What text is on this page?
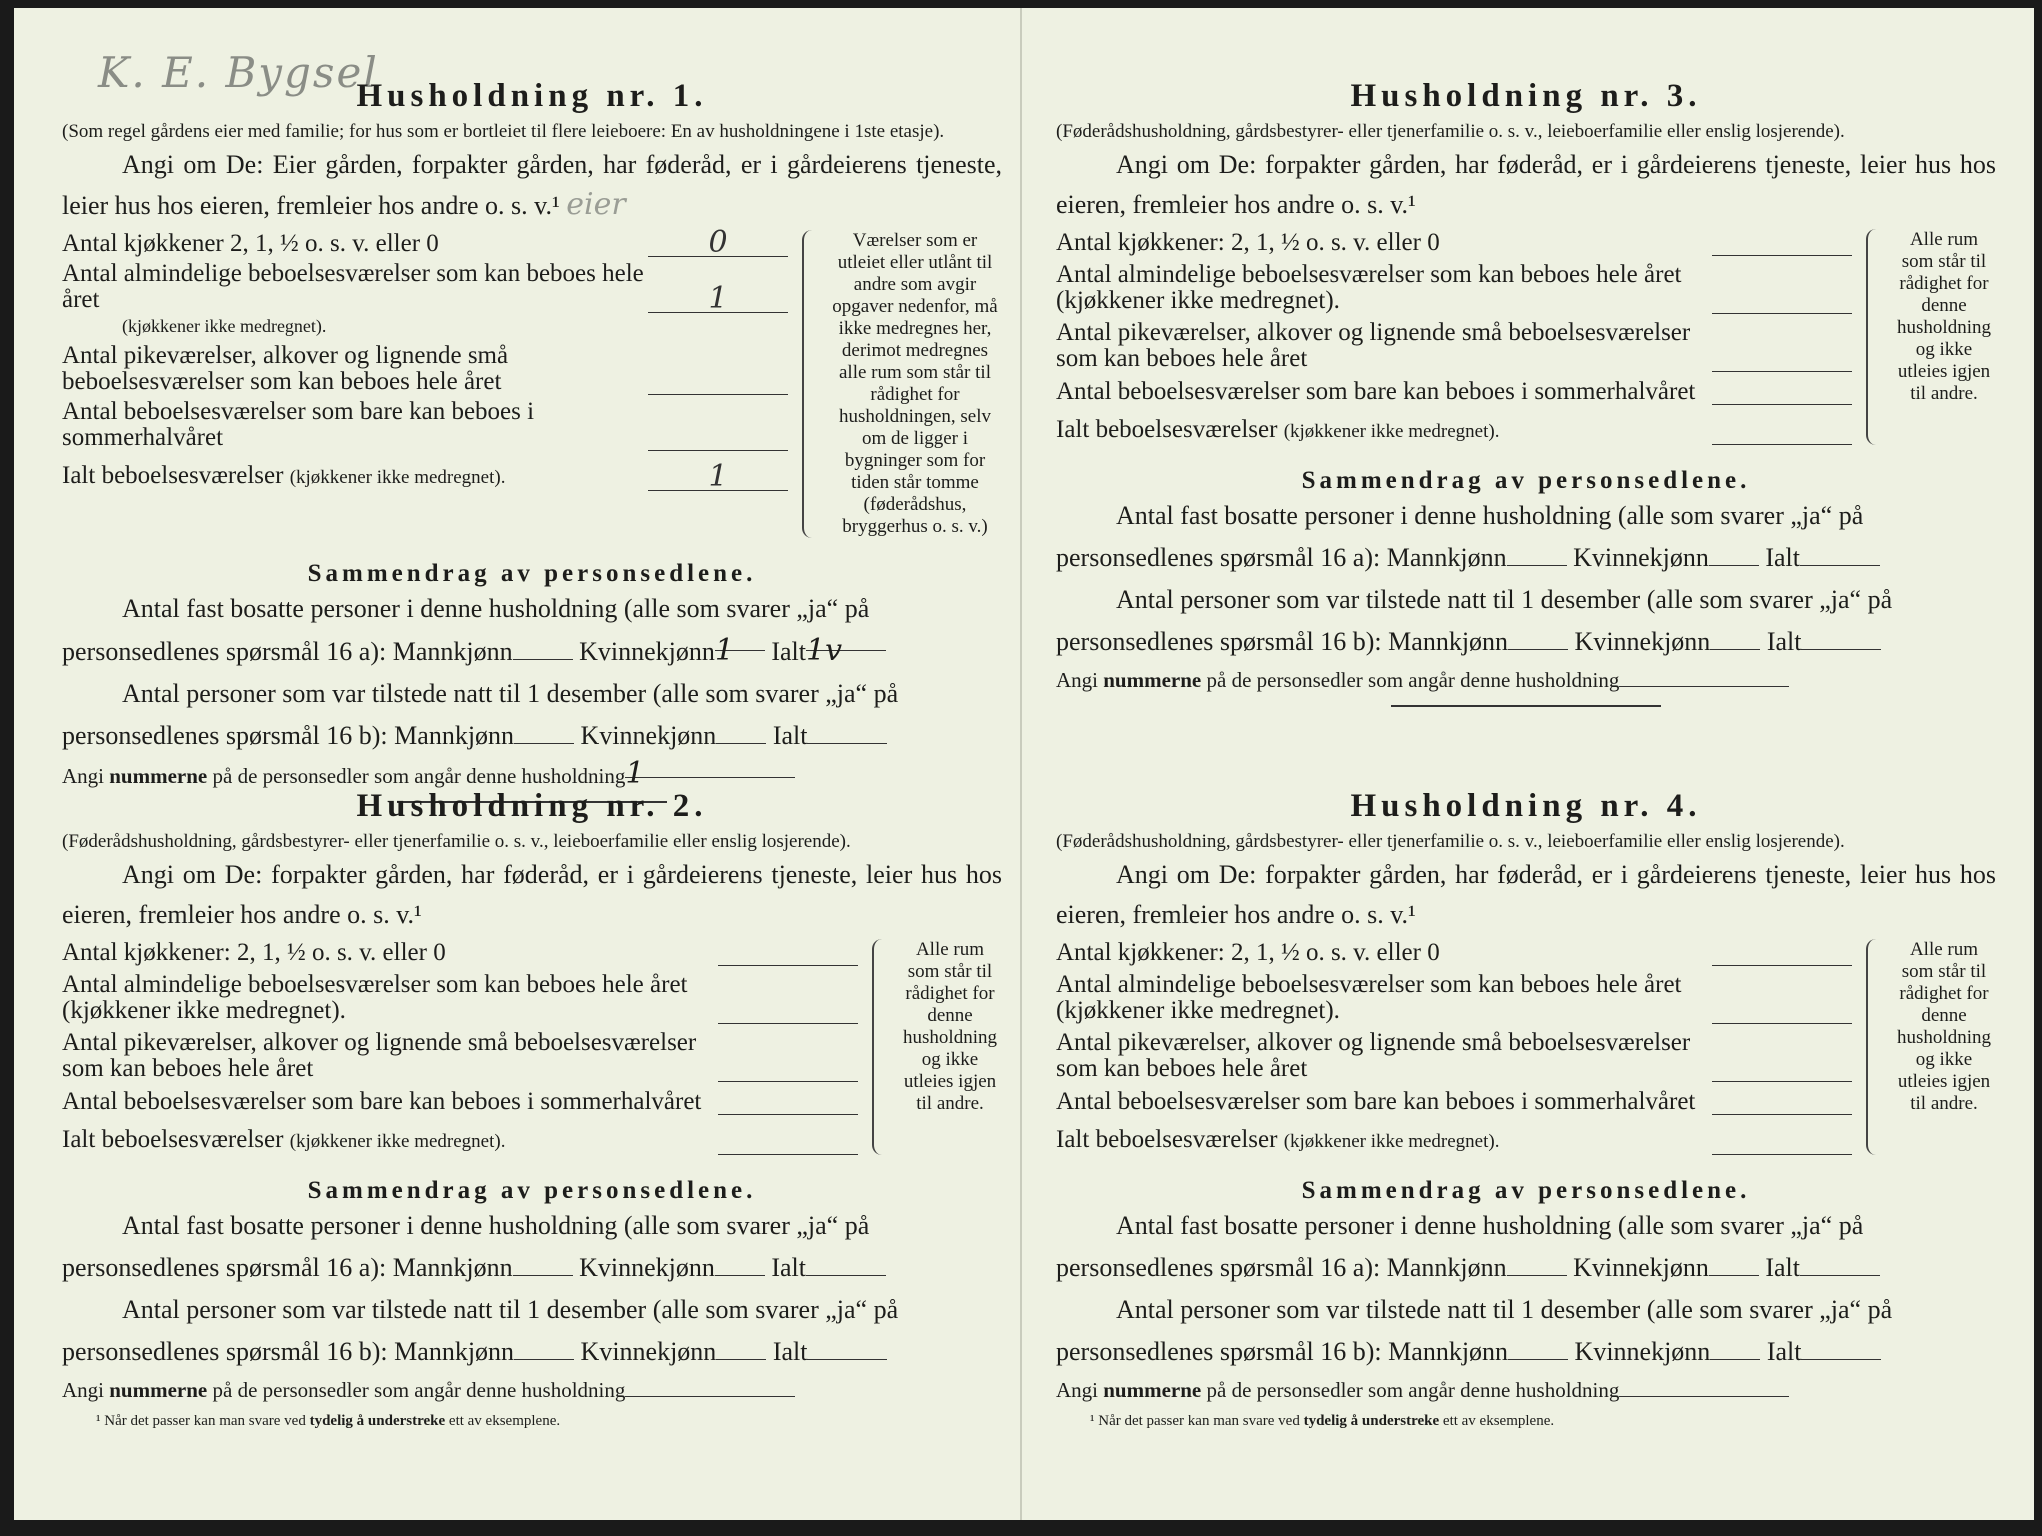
K. E. Bygsel
Husholdning nr. 1.
(Som regel gårdens eier med familie; for hus som er bortleiet til flere leieboere: En av husholdningene i 1ste etasje).
Angi om De: Eier gården, forpakter gården, har føderåd, er i gårdeierens tjeneste, leier hus hos eieren, fremleier hos andre o. s. v.¹ eier
Antal kjøkkener 2, 1, ½ o. s. v. eller 0	0
Antal almindelige beboelsesværelser som kan beboes hele året	1
(kjøkkener ikke medregnet).
Antal pikeværelser, alkover og lignende små beboelsesværelser som kan beboes hele året
Antal beboelsesværelser som bare kan beboes i sommerhalvåret
Ialt beboelsesværelser (kjøkkener ikke medregnet).	1
Værelser som er utleiet eller utlånt til andre som avgir opgaver nedenfor, må ikke medregnes her, derimot medregnes alle rum som står til rådighet for husholdningen, selv om de ligger i bygninger som for tiden står tomme (føderådshus, bryggerhus o. s. v.)
Sammendrag av personsedlene.
Antal fast bosatte personer i denne husholdning (alle som svarer „ja“ på
personsedlenes spørsmål 16 a): Mannkjønn	Kvinnekjønn1 Ialt1v
Antal personer som var tilstede natt til 1 desember (alle som svarer „ja“ på
personsedlenes spørsmål 16 b): Mannkjønn	Kvinnekjønn Ialt
Angi nummerne på de personsedler som angår denne husholdning1
Husholdning nr. 2.
(Føderådshusholdning, gårdsbestyrer- eller tjenerfamilie o. s. v., leieboerfamilie eller enslig losjerende).
Angi om De: forpakter gården, har føderåd, er i gårdeierens tjeneste, leier hus hos eieren, fremleier hos andre o. s. v.¹
Antal kjøkkener: 2, 1, ½ o. s. v. eller 0
Antal almindelige beboelsesværelser som kan beboes hele året (kjøkkener ikke medregnet).
Antal pikeværelser, alkover og lignende små beboelsesværelser som kan beboes hele året
Antal beboelsesværelser som bare kan beboes i sommerhalvåret
Ialt beboelsesværelser (kjøkkener ikke medregnet).
Alle rum som står til rådighet for denne husholdning og ikke utleies igjen til andre.
Sammendrag av personsedlene.
Antal fast bosatte personer i denne husholdning (alle som svarer „ja“ på
personsedlenes spørsmål 16 a): Mannkjønn	Kvinnekjønn Ialt
Antal personer som var tilstede natt til 1 desember (alle som svarer „ja“ på
personsedlenes spørsmål 16 b): Mannkjønn	Kvinnekjønn Ialt
Angi nummerne på de personsedler som angår denne husholdning
¹ Når det passer kan man svare ved tydelig å understreke ett av eksemplene.
Husholdning nr. 3.
(Føderådshusholdning, gårdsbestyrer- eller tjenerfamilie o. s. v., leieboerfamilie eller enslig losjerende).
Angi om De: forpakter gården, har føderåd, er i gårdeierens tjeneste, leier hus hos eieren, fremleier hos andre o. s. v.¹
Antal kjøkkener: 2, 1, ½ o. s. v. eller 0
Antal almindelige beboelsesværelser som kan beboes hele året (kjøkkener ikke medregnet).
Antal pikeværelser, alkover og lignende små beboelsesværelser som kan beboes hele året
Antal beboelsesværelser som bare kan beboes i sommerhalvåret
Ialt beboelsesværelser (kjøkkener ikke medregnet).
Alle rum som står til rådighet for denne husholdning og ikke utleies igjen til andre.
Sammendrag av personsedlene.
Antal fast bosatte personer i denne husholdning (alle som svarer „ja“ på
personsedlenes spørsmål 16 a): Mannkjønn	Kvinnekjønn Ialt
Antal personer som var tilstede natt til 1 desember (alle som svarer „ja“ på
personsedlenes spørsmål 16 b): Mannkjønn	Kvinnekjønn Ialt
Angi nummerne på de personsedler som angår denne husholdning
Husholdning nr. 4.
(Føderådshusholdning, gårdsbestyrer- eller tjenerfamilie o. s. v., leieboerfamilie eller enslig losjerende).
Angi om De: forpakter gården, har føderåd, er i gårdeierens tjeneste, leier hus hos eieren, fremleier hos andre o. s. v.¹
Antal kjøkkener: 2, 1, ½ o. s. v. eller 0
Antal almindelige beboelsesværelser som kan beboes hele året (kjøkkener ikke medregnet).
Antal pikeværelser, alkover og lignende små beboelsesværelser som kan beboes hele året
Antal beboelsesværelser som bare kan beboes i sommerhalvåret
Ialt beboelsesværelser (kjøkkener ikke medregnet).
Alle rum som står til rådighet for denne husholdning og ikke utleies igjen til andre.
Sammendrag av personsedlene.
Antal fast bosatte personer i denne husholdning (alle som svarer „ja“ på
personsedlenes spørsmål 16 a): Mannkjønn	Kvinnekjønn Ialt
Antal personer som var tilstede natt til 1 desember (alle som svarer „ja“ på
personsedlenes spørsmål 16 b): Mannkjønn	Kvinnekjønn Ialt
Angi nummerne på de personsedler som angår denne husholdning
¹ Når det passer kan man svare ved tydelig å understreke ett av eksemplene.
